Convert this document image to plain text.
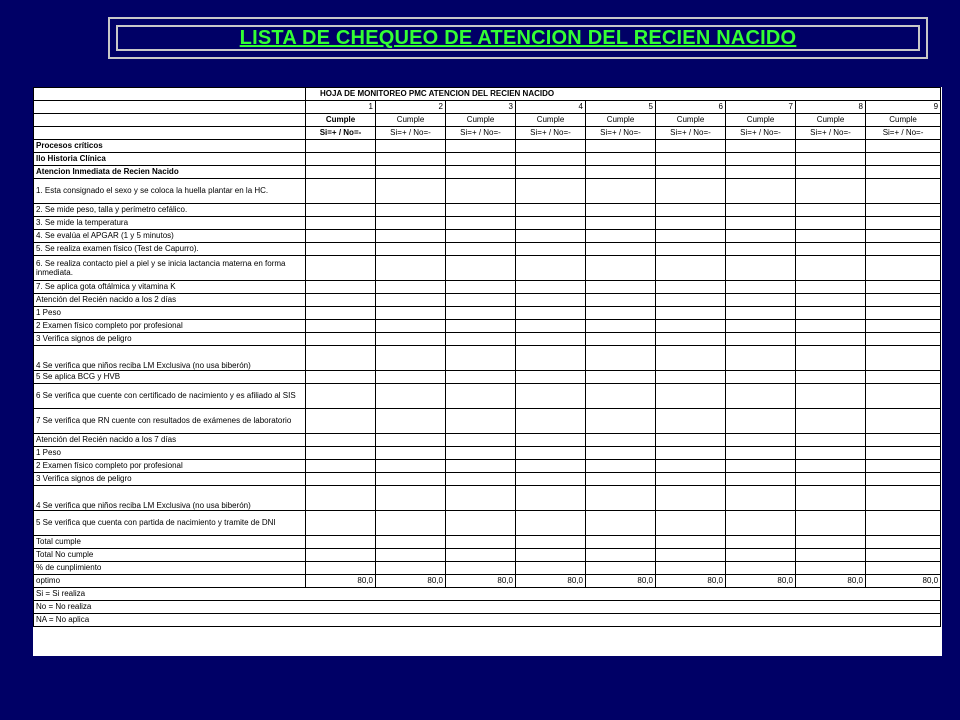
LISTA DE CHEQUEO DE ATENCION DEL RECIEN NACIDO
	HOJA DE MONITOREO PMC ATENCION DEL RECIEN NACIDO								
	1	2	3	4	5	6	7	8	9
	Cumple	Cumple	Cumple	Cumple	Cumple	Cumple	Cumple	Cumple	Cumple
	Si=+ / No=-	Si=+ / No=-	Si=+ / No=-	Si=+ / No=-	Si=+ / No=-	Si=+ / No=-	Si=+ / No=-	Si=+ / No=-	Si=+ / No=-
Procesos críticos									
Ilo Historia Clínica									
Atencion Inmediata de Recien Nacido									
1. Esta consignado el sexo y se coloca la huella plantar en la HC.									
2. Se mide peso, talla y perímetro cefálico.									
3. Se mide la temperatura									
4. Se evalúa el APGAR (1 y 5 minutos)									
5. Se realiza examen físico (Test de Capurro).									
6. Se realiza contacto piel a piel y se inicia lactancia materna en forma inmediata.									
7. Se aplica gota oftálmica y vitamina K									
Atención del Recién nacido a los 2 días									
1 Peso									
2 Examen físico completo por profesional									
3 Verifica signos de peligro									
4 Se verifica que niños reciba LM Exclusiva (no usa biberón)									
5 Se aplica BCG y HVB									
6 Se verifica que cuente con certificado de nacimiento y es afiliado al SIS									
7 Se verifica que RN cuente con resultados de exámenes de laboratorio									
Atención del Recién nacido a los 7 días									
1 Peso									
2 Examen físico completo por profesional									
3 Verifica signos de peligro									
4 Se verifica que niños reciba LM Exclusiva (no usa biberón)									
5 Se verifica que cuenta con partida de nacimiento y tramite de DNI									
Total cumple									
Total No cumple									
% de cunplimiento									
optimo	80,0	80,0	80,0	80,0	80,0	80,0	80,0	80,0	80,0
Si = Si realiza									
No = No realiza									
NA = No aplica									
